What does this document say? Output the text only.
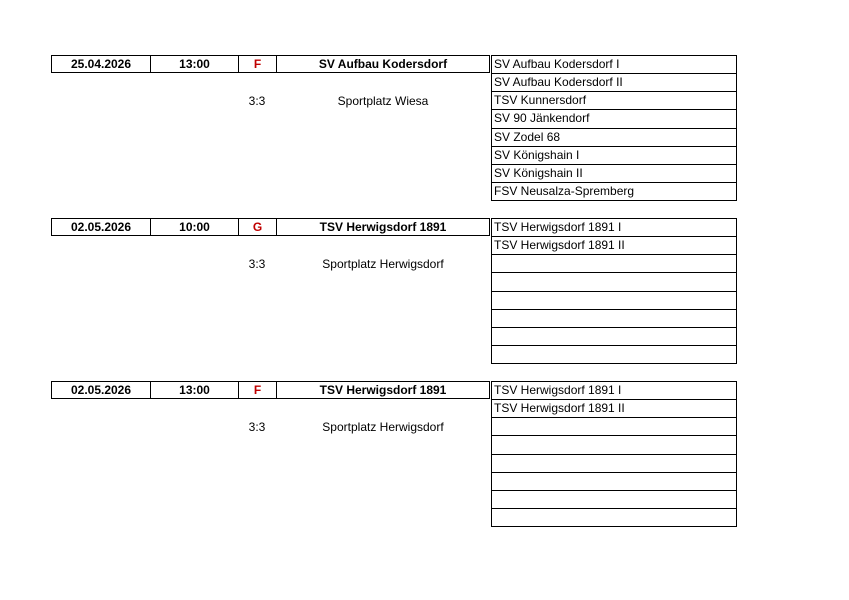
25.04.2026	13:00	F	SV Aufbau Kodersdorf
3:3	Sportplatz Wiesa
SV Aufbau Kodersdorf I
SV Aufbau Kodersdorf II
TSV Kunnersdorf
SV 90 Jänkendorf
SV Zodel 68
SV Königshain I
SV Königshain II
FSV Neusalza-Spremberg
02.05.2026	10:00	G	TSV Herwigsdorf 1891
3:3	Sportplatz Herwigsdorf
TSV Herwigsdorf 1891 I
TSV Herwigsdorf 1891 II
02.05.2026	13:00	F	TSV Herwigsdorf 1891
3:3	Sportplatz Herwigsdorf
TSV Herwigsdorf 1891 I
TSV Herwigsdorf 1891 II
